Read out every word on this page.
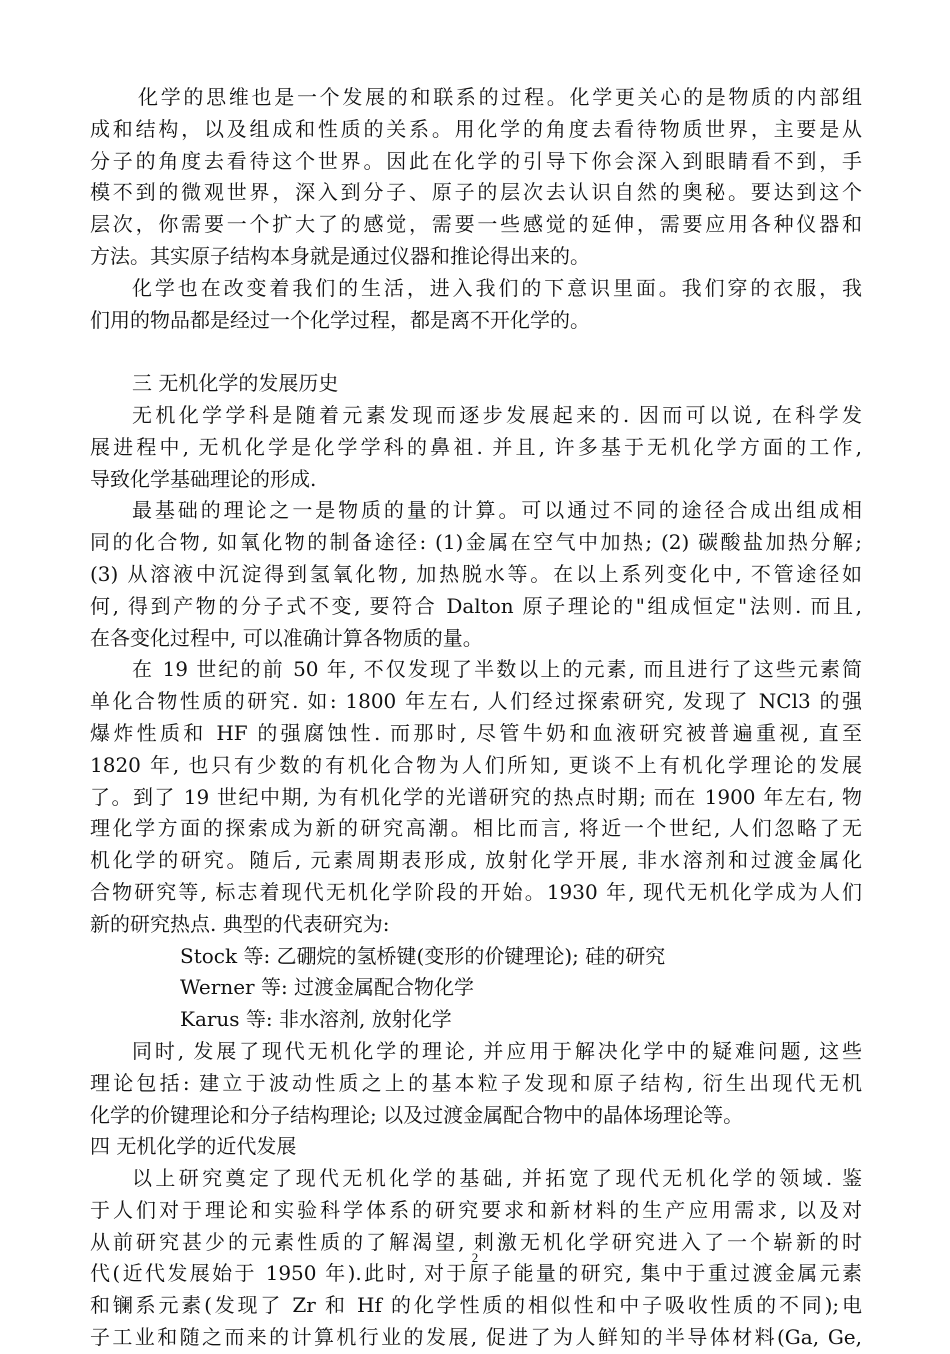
化学的思维也是一个发展的和联系的过程。化学更关心的是物质的内部组
成和结构，以及组成和性质的关系。用化学的角度去看待物质世界，主要是从
分子的角度去看待这个世界。因此在化学的引导下你会深入到眼睛看不到，手
模不到的微观世界，深入到分子、原子的层次去认识自然的奥秘。要达到这个
层次，你需要一个扩大了的感觉，需要一些感觉的延伸，需要应用各种仪器和
方法。其实原子结构本身就是通过仪器和推论得出来的。
化学也在改变着我们的生活，进入我们的下意识里面。我们穿的衣服，我
们用的物品都是经过一个化学过程，都是离不开化学的。
三 无机化学的发展历史
无机化学学科是随着元素发现而逐步发展起来的. 因而可以说, 在科学发
展进程中, 无机化学是化学学科的鼻祖. 并且, 许多基于无机化学方面的工作,
导致化学基础理论的形成.
最基础的理论之一是物质的量的计算。可以通过不同的途径合成出组成相
同的化合物, 如氧化物的制备途径: (1)金属在空气中加热; (2) 碳酸盐加热分解;
(3) 从溶液中沉淀得到氢氧化物, 加热脱水等。在以上系列变化中, 不管途径如
何, 得到产物的分子式不变, 要符合 Dalton 原子理论的"组成恒定"法则. 而且,
在各变化过程中, 可以准确计算各物质的量。
在 19 世纪的前 50 年, 不仅发现了半数以上的元素, 而且进行了这些元素简
单化合物性质的研究. 如: 1800 年左右, 人们经过探索研究, 发现了 NCl3 的强
爆炸性质和 HF 的强腐蚀性. 而那时, 尽管牛奶和血液研究被普遍重视, 直至
1820 年, 也只有少数的有机化合物为人们所知, 更谈不上有机化学理论的发展
了。到了 19 世纪中期, 为有机化学的光谱研究的热点时期; 而在 1900 年左右, 物
理化学方面的探索成为新的研究高潮。相比而言, 将近一个世纪, 人们忽略了无
机化学的研究。随后, 元素周期表形成, 放射化学开展, 非水溶剂和过渡金属化
合物研究等, 标志着现代无机化学阶段的开始。1930 年, 现代无机化学成为人们
新的研究热点. 典型的代表研究为:
Stock 等: 乙硼烷的氢桥键(变形的价键理论); 硅的研究
Werner 等: 过渡金属配合物化学
Karus 等: 非水溶剂, 放射化学
同时, 发展了现代无机化学的理论, 并应用于解决化学中的疑难问题, 这些
理论包括: 建立于波动性质之上的基本粒子发现和原子结构, 衍生出现代无机
化学的价键理论和分子结构理论; 以及过渡金属配合物中的晶体场理论等。
四 无机化学的近代发展
以上研究奠定了现代无机化学的基础, 并拓宽了现代无机化学的领域. 鉴
于人们对于理论和实验科学体系的研究要求和新材料的生产应用需求, 以及对
从前研究甚少的元素性质的了解渴望, 刺激无机化学研究进入了一个崭新的时
代(近代发展始于 1950 年).此时, 对于原子能量的研究, 集中于重过渡金属元素
和镧系元素(发现了 Zr 和 Hf 的化学性质的相似性和中子吸收性质的不同);电
子工业和随之而来的计算机行业的发展, 促进了为人鲜知的半导体材料(Ga, Ge,
2
